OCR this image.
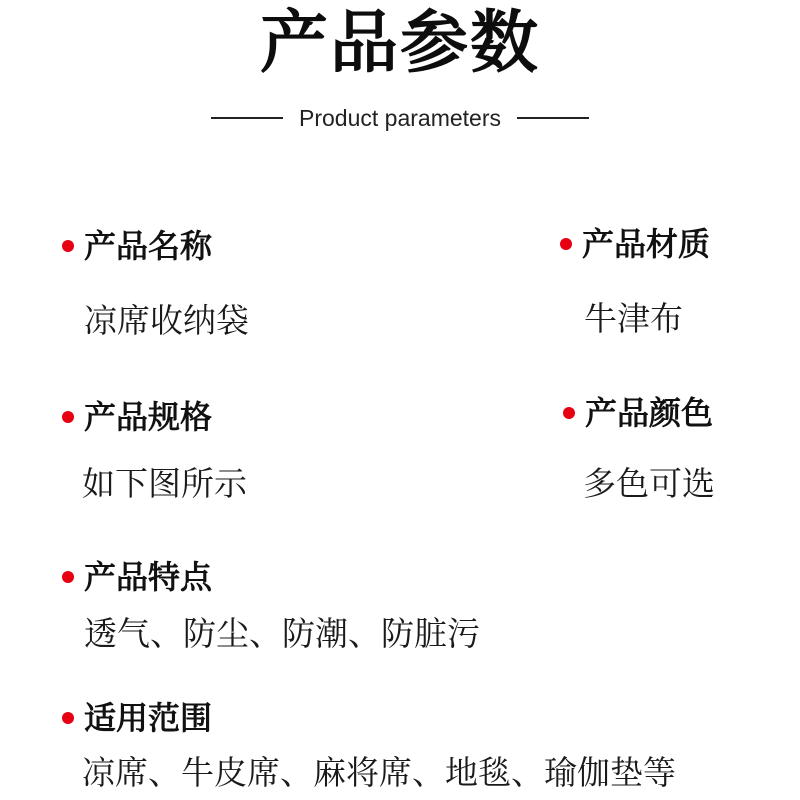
产品参数
Product parameters
产品名称
凉席收纳袋
产品材质
牛津布
产品规格
如下图所示
产品颜色
多色可选
产品特点
透气、防尘、防潮、防脏污
适用范围
凉席、牛皮席、麻将席、地毯、瑜伽垫等
